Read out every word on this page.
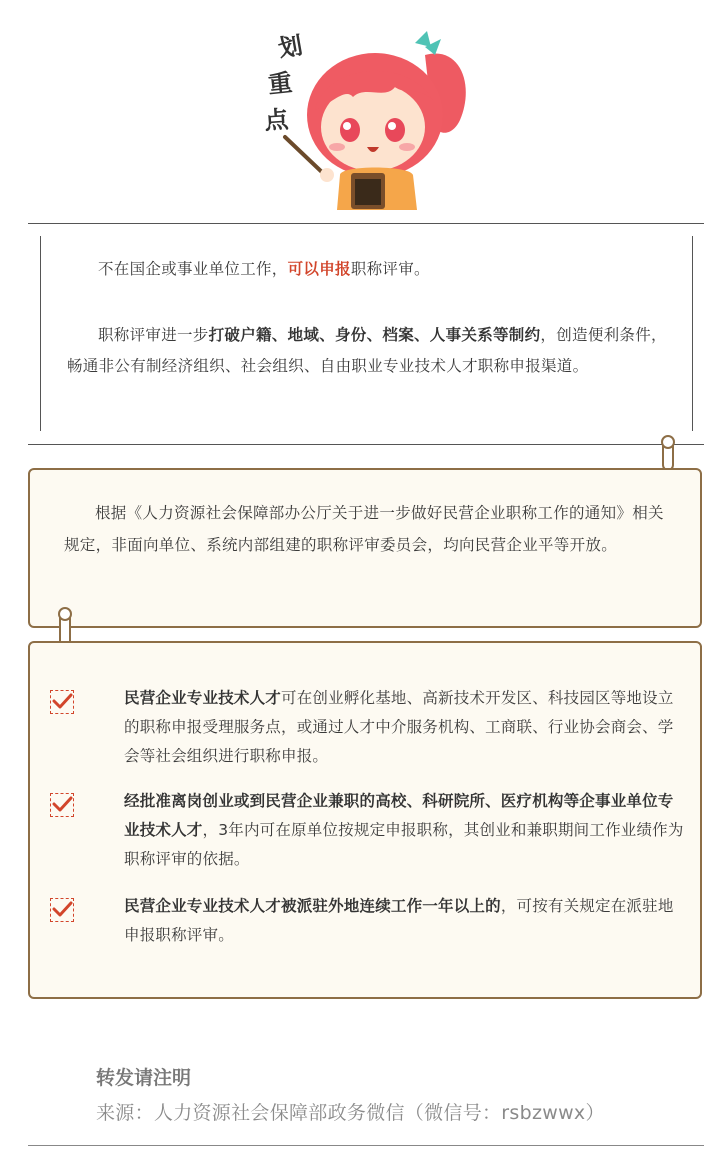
划
重
点

不在国企或事业单位工作，可以申报职称评审。

职称评审进一步打破户籍、地域、身份、档案、人事关系等制约，创造便利条件，畅通非公有制经济组织、社会组织、自由职业专业技术人才职称申报渠道。

根据《人力资源社会保障部办公厅关于进一步做好民营企业职称工作的通知》相关规定，非面向单位、系统内部组建的职称评审委员会，均向民营企业平等开放。

民营企业专业技术人才可在创业孵化基地、高新技术开发区、科技园区等地设立的职称申报受理服务点，或通过人才中介服务机构、工商联、行业协会商会、学会等社会组织进行职称申报。
经批准离岗创业或到民营企业兼职的高校、科研院所、医疗机构等企事业单位专业技术人才，3年内可在原单位按规定申报职称，其创业和兼职期间工作业绩作为职称评审的依据。
民营企业专业技术人才被派驻外地连续工作一年以上的，可按有关规定在派驻地申报职称评审。
转发请注明
来源：人力资源社会保障部政务微信（微信号：rsbzwwx）
